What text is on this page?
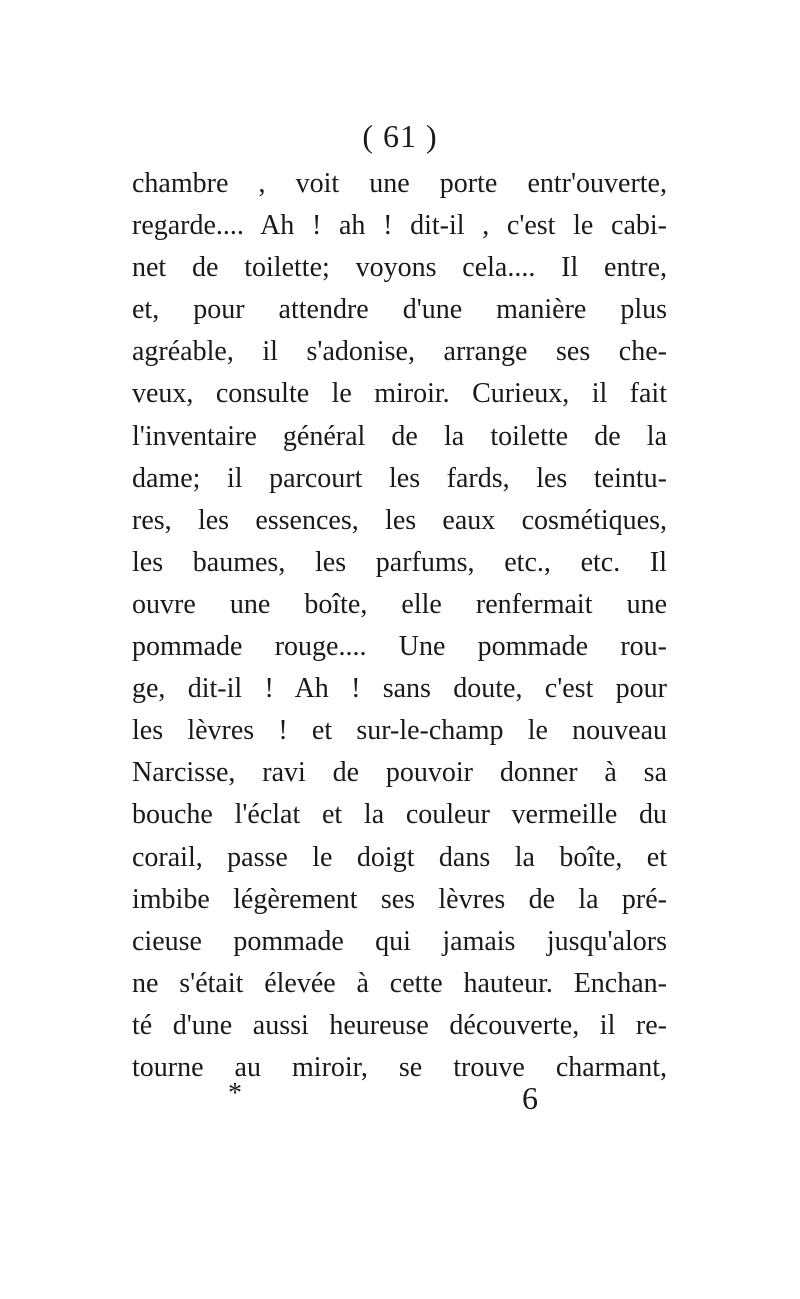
( 61 )
chambre , voit une porte entr'ouverte,
regarde.... Ah ! ah ! dit-il , c'est le cabi-
net de toilette; voyons cela.... Il entre,
et, pour attendre d'une manière plus
agréable, il s'adonise, arrange ses che-
veux, consulte le miroir. Curieux, il fait
l'inventaire général de la toilette de la
dame; il parcourt les fards, les teintu-
res, les essences, les eaux cosmétiques,
les baumes, les parfums, etc., etc. Il
ouvre une boîte, elle renfermait une
pommade rouge.... Une pommade rou-
ge, dit-il ! Ah ! sans doute, c'est pour
les lèvres ! et sur-le-champ le nouveau
Narcisse, ravi de pouvoir donner à sa
bouche l'éclat et la couleur vermeille du
corail, passe le doigt dans la boîte, et
imbibe légèrement ses lèvres de la pré-
cieuse pommade qui jamais jusqu'alors
ne s'était élevée à cette hauteur. Enchan-
té d'une aussi heureuse découverte, il re-
tourne au miroir, se trouve charmant,
*	6
